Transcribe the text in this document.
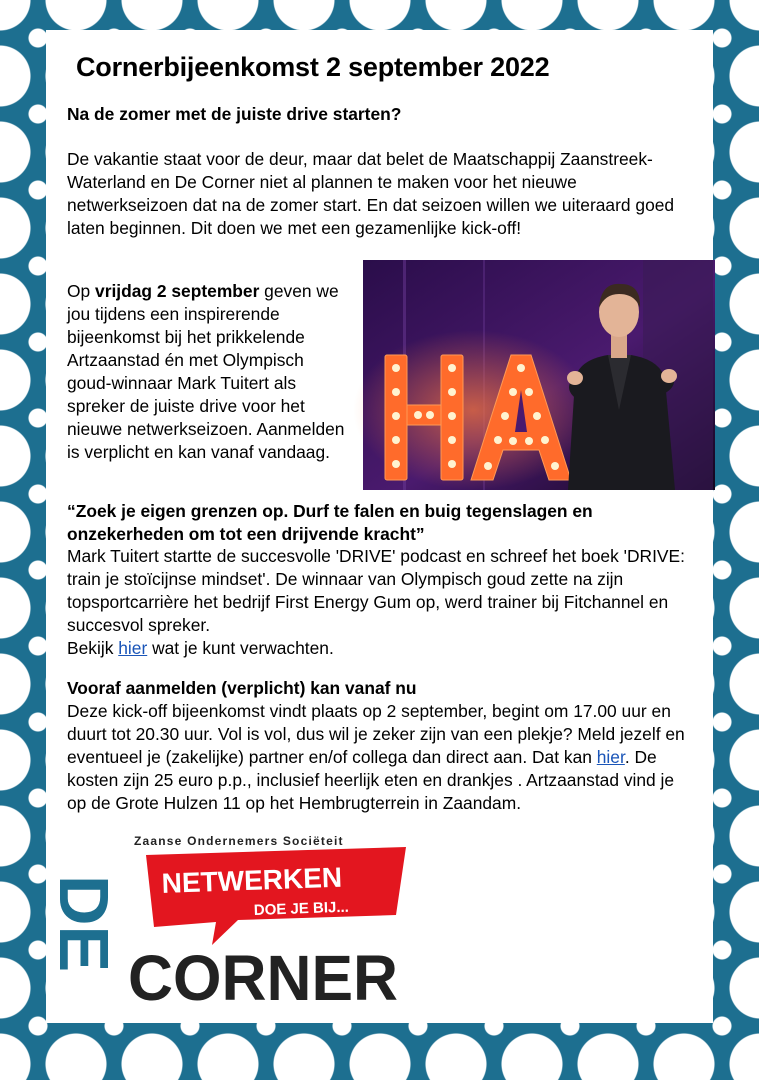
Cornerbijeenkomst 2 september 2022

Na de zomer met de juiste drive starten?

De vakantie staat voor de deur, maar dat belet de Maatschappij Zaanstreek-Waterland en De Corner niet al plannen te maken voor het nieuwe netwerkseizoen dat na de zomer start. En dat seizoen willen we uiteraard goed laten beginnen. Dit doen we met een gezamenlijke kick-off!

Op vrijdag 2 september geven we jou tijdens een inspirerende bijeenkomst bij het prikkelende Artzaanstad én met Olympisch goud-winnaar Mark Tuitert als spreker de juiste drive voor het nieuwe netwerkseizoen. Aanmelden is verplicht en kan vanaf vandaag.

HA

“Zoek je eigen grenzen op. Durf te falen en buig tegenslagen en onzekerheden om tot een drijvende kracht”

Mark Tuitert startte de succesvolle 'DRIVE' podcast en schreef het boek 'DRIVE: train je stoïcijnse mindset'. De winnaar van Olympisch goud zette na zijn topsportcarrière het bedrijf First Energy Gum op, werd trainer bij Fitchannel en succesvol spreker.
Bekijk hier wat je kunt verwachten.

Vooraf aanmelden (verplicht) kan vanaf nu

Deze kick-off bijeenkomst vindt plaats op 2 september, begint om 17.00 uur en duurt tot 20.30 uur. Vol is vol, dus wil je zeker zijn van een plekje? Meld jezelf en eventueel je (zakelijke) partner en/of collega dan direct aan. Dat kan hier. De kosten zijn 25 euro p.p., inclusief heerlijk eten en drankjes . Artzaanstad vind je op de Grote Hulzen 11 op het Hembrugterrein in Zaandam.

Zaanse Ondernemers Sociëteit
DE NETWERKEN
DOE JE BIJ...
CORNER
